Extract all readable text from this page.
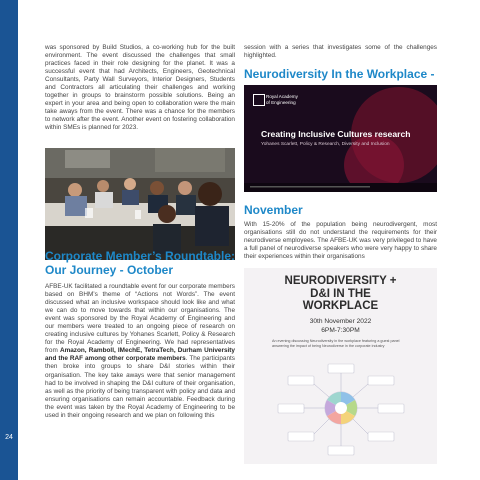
24
was sponsored by Build Studios, a co-working hub for the built environment. The event discussed the challenges that small practices faced in their role designing for the planet. It was a successful event that had Architects, Engineers, Geotechnical Consultants, Party Wall Surveyors, Interior Designers, Students and Contractors all articulating their challenges and working together in groups to brainstorm possible solutions. Being an expert in your area and being open to collaboration were the main take aways from the event. There was a chance for the members to network after the event. Another event on fostering collaboration within SMEs is planned for 2023.
Corporate Member’s Roundtable: Our Journey - October
AFBE-UK facilitated a roundtable event for our corporate members based on BHM’s theme of “Actions not Words”. The event discussed what an inclusive workspace should look like and what we can do to move towards that within our organisations. The event was sponsored by the Royal Academy of Engineering and our members were treated to an ongoing piece of research on creating inclusive cultures by Yohanes Scarlett, Policy & Research for the Royal Academy of Engineering. We had representatives from Amazon, Ramboll, IMechE, TetraTech, Durham University and the RAF among other corporate members. The participants then broke into groups to share D&I stories within their organisation. The key take aways were that senior management had to be involved in shaping the D&I culture of their organisation, as well as the priority of being transparent with policy and data and ensuring organisations can remain accountable. Feedback during the event was taken by the Royal Academy of Engineering to be used in their ongoing research and we plan on following this
session with a series that investigates some of the challenges highlighted.
Neurodiversity In the Workplace -
Royal Academy
of Engineering
Creating Inclusive Cultures research
Yohanes Scarlett, Policy & Research, Diversity and Inclusion
November
With 15-20% of the population being neurodivergent, most organisations still do not understand the requirements for their neurodiverse employees. The AFBE-UK was very privileged to have a full panel of neurodiverse speakers who were very happy to share their experiences within their organisations
NEURODIVERSITY +
D&I IN THE
WORKPLACE
30th November 2022
6PM-7:30PM
An evening discussing Neurodiversity in the workplace featuring a guest panel answering the impact of being Neurodiverse in the corporate industry
